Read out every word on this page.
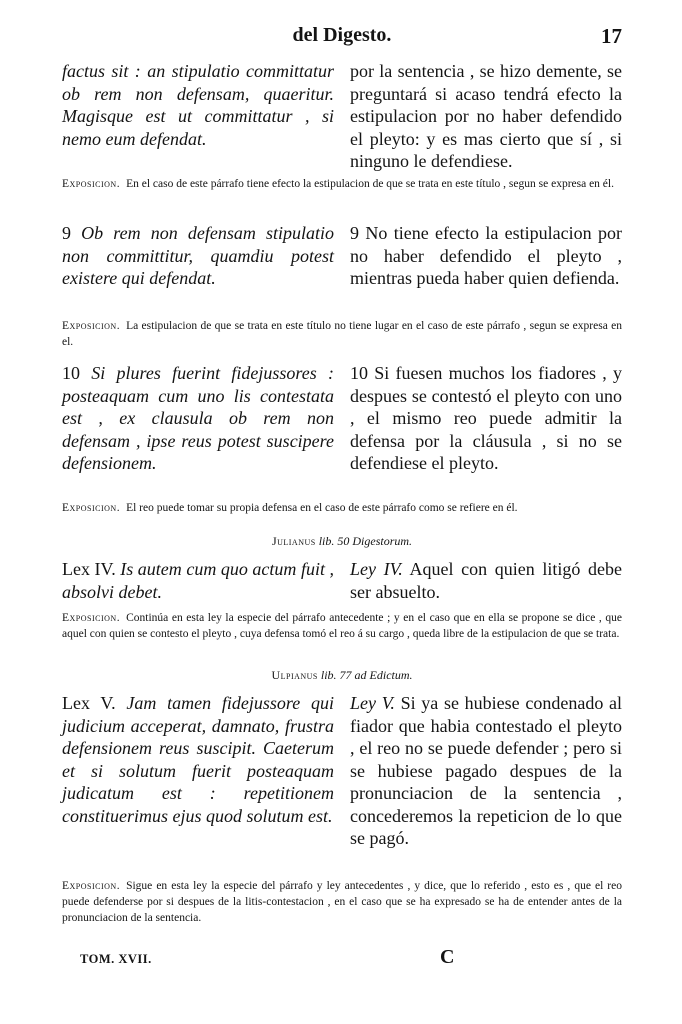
del Digesto.	17
factus sit : an stipulatio committatur ob rem non defensam, quaeritur. Magisque est ut committatur , si nemo eum defendat.
por la sentencia , se hizo demente, se preguntará si acaso tendrá efecto la estipulacion por no haber defendido el pleyto: y es mas cierto que sí , si ninguno le defendiese.
Exposicion. En el caso de este párrafo tiene efecto la estipulacion de que se trata en este título , segun se expresa en él.
9 Ob rem non defensam stipulatio non committitur, quamdiu potest existere qui defendat.
9 No tiene efecto la estipulacion por no haber defendido el pleyto , mientras pueda haber quien defienda.
Exposicion. La estipulacion de que se trata en este título no tiene lugar en el caso de este párrafo , segun se expresa en el.
10 Si plures fuerint fidejussores : posteaquam cum uno lis contestata est , ex clausula ob rem non defensam , ipse reus potest suscipere defensionem.
10 Si fuesen muchos los fiadores , y despues se contestó el pleyto con uno , el mismo reo puede admitir la defensa por la cláusula , si no se defendiese el pleyto.
Exposicion. El reo puede tomar su propia defensa en el caso de este párrafo como se refiere en él.
Julianus lib. 50 Digestorum.
Lex IV. Is autem cum quo actum fuit , absolvi debet.
Ley IV. Aquel con quien litigó debe ser absuelto.
Exposicion. Continúa en esta ley la especie del párrafo antecedente ; y en el caso que en ella se propone se dice , que aquel con quien se contesto el pleyto , cuya defensa tomó el reo á su cargo , queda libre de la estipulacion de que se trata.
Ulpianus lib. 77 ad Edictum.
Lex V. Jam tamen fidejussore qui judicium acceperat, damnato, frustra defensionem reus suscipit. Caeterum et si solutum fuerit posteaquam judicatum est : repetitionem constituerimus ejus quod solutum est.
Ley V. Si ya se hubiese condenado al fiador que habia contestado el pleyto , el reo no se puede defender ; pero si se hubiese pagado despues de la pronunciacion de la sentencia , concederemos la repeticion de lo que se pagó.
Exposicion. Sigue en esta ley la especie del párrafo y ley antecedentes , y dice, que lo referido , esto es , que el reo puede defenderse por si despues de la litis-contestacion , en el caso que se ha expresado se ha de entender antes de la pronunciacion de la sentencia.
TOM. XVII.	C
